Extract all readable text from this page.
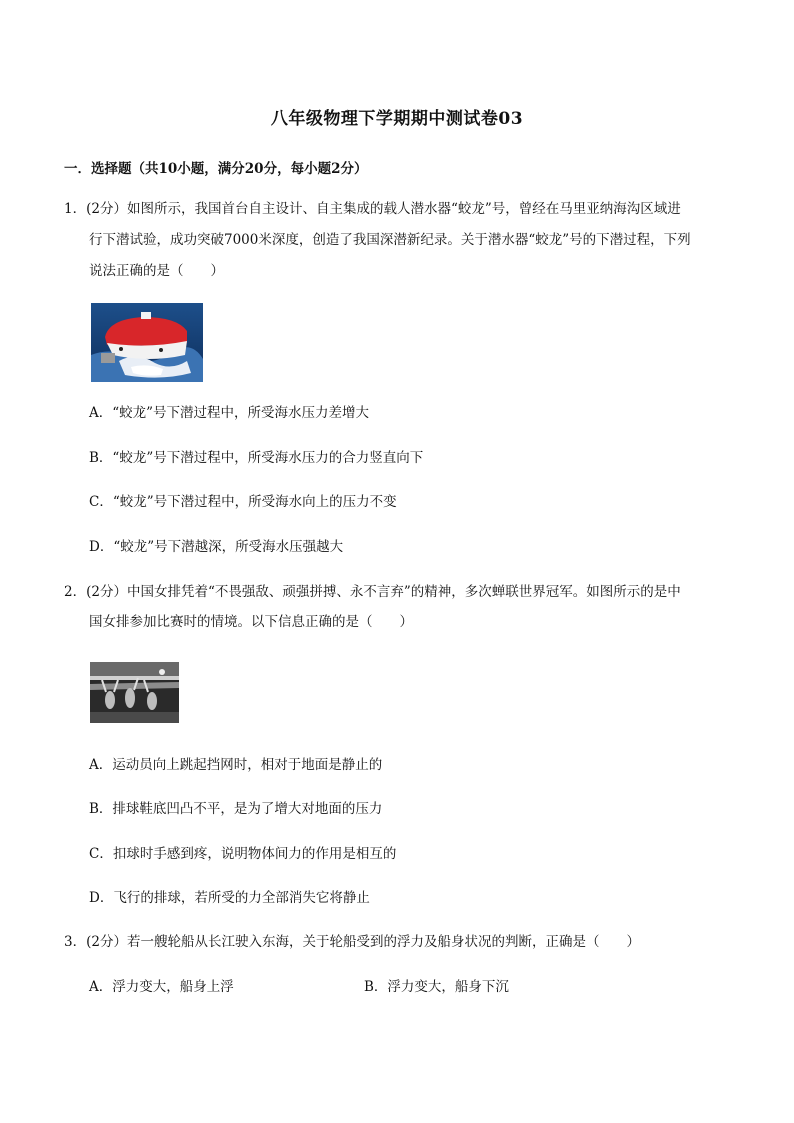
八年级物理下学期期中测试卷03
一．选择题（共10小题，满分20分，每小题2分）
1．(2分）如图所示，我国首台自主设计、自主集成的载人潜水器“蛟龙”号，曾经在马里亚纳海沟区域进
行下潜试验，成功突破7000米深度，创造了我国深潜新纪录。关于潜水器“蛟龙”号的下潜过程，下列
说法正确的是（　　）
A．“蛟龙”号下潜过程中，所受海水压力差增大
B．“蛟龙”号下潜过程中，所受海水压力的合力竖直向下
C．“蛟龙”号下潜过程中，所受海水向上的压力不变
D．“蛟龙”号下潜越深，所受海水压强越大
2．(2分）中国女排凭着“不畏强敌、顽强拼搏、永不言弃”的精神，多次蝉联世界冠军。如图所示的是中
国女排参加比赛时的情境。以下信息正确的是（　　）
A．运动员向上跳起挡网时，相对于地面是静止的
B．排球鞋底凹凸不平，是为了增大对地面的压力
C．扣球时手感到疼，说明物体间力的作用是相互的
D．飞行的排球，若所受的力全部消失它将静止
3．(2分）若一艘轮船从长江驶入东海，关于轮船受到的浮力及船身状况的判断，正确是（　　）
A．浮力变大，船身上浮	B．浮力变大，船身下沉
